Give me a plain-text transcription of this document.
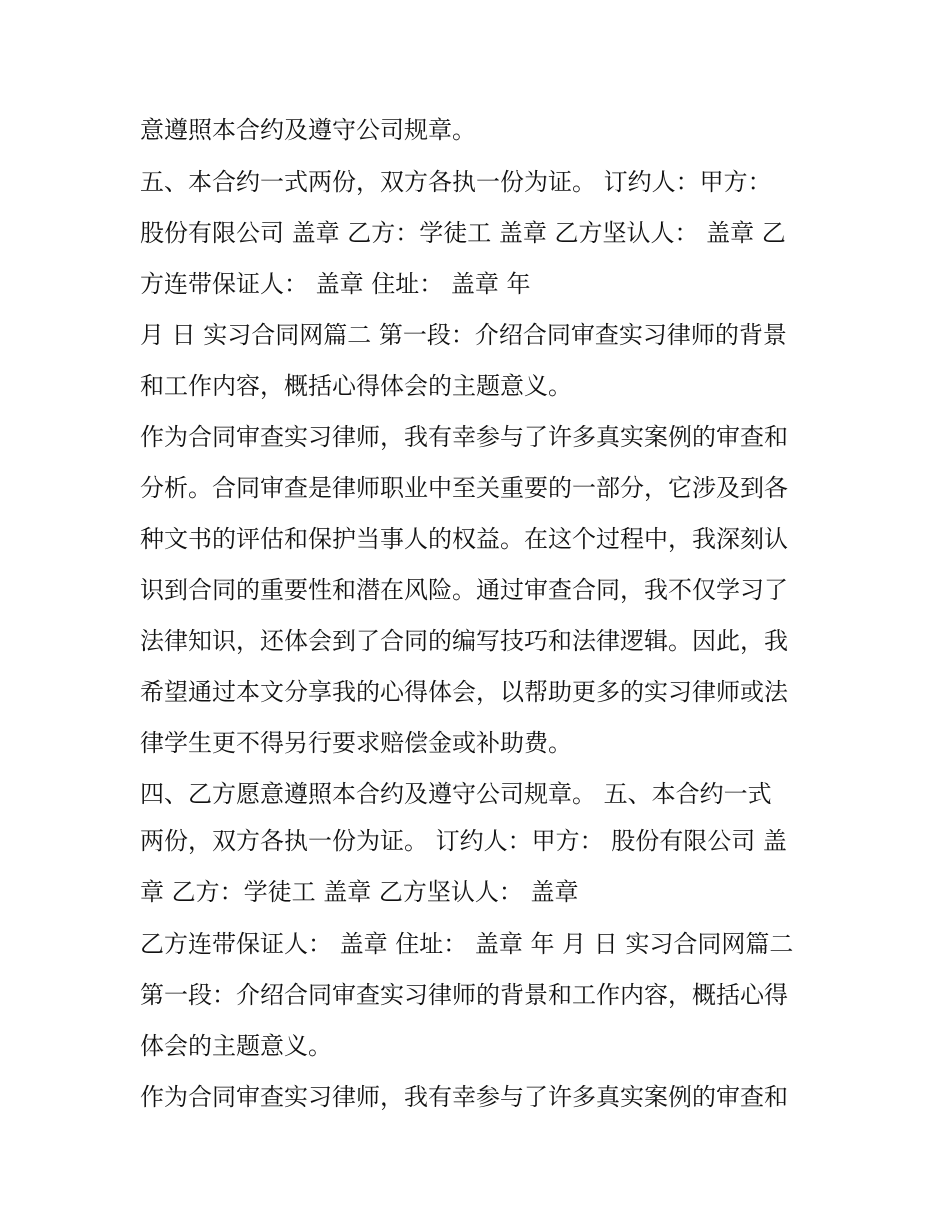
意遵照本合约及遵守公司规章。
五、本合约一式两份，双方各执一份为证。 订约人：甲方：
股份有限公司 盖章 乙方：学徒工 盖章 乙方坚认人： 盖章 乙
方连带保证人： 盖章 住址： 盖章 年
月 日 实习合同网篇二 第一段：介绍合同审查实习律师的背景
和工作内容，概括心得体会的主题意义。
作为合同审查实习律师，我有幸参与了许多真实案例的审查和
分析。合同审查是律师职业中至关重要的一部分，它涉及到各
种文书的评估和保护当事人的权益。在这个过程中，我深刻认
识到合同的重要性和潜在风险。通过审查合同，我不仅学习了
法律知识，还体会到了合同的编写技巧和法律逻辑。因此，我
希望通过本文分享我的心得体会，以帮助更多的实习律师或法
律学生更不得另行要求赔偿金或补助费。
四、乙方愿意遵照本合约及遵守公司规章。 五、本合约一式
两份，双方各执一份为证。 订约人：甲方： 股份有限公司 盖
章 乙方：学徒工 盖章 乙方坚认人： 盖章
乙方连带保证人： 盖章 住址： 盖章 年 月 日 实习合同网篇二
第一段：介绍合同审查实习律师的背景和工作内容，概括心得
体会的主题意义。
作为合同审查实习律师，我有幸参与了许多真实案例的审查和
